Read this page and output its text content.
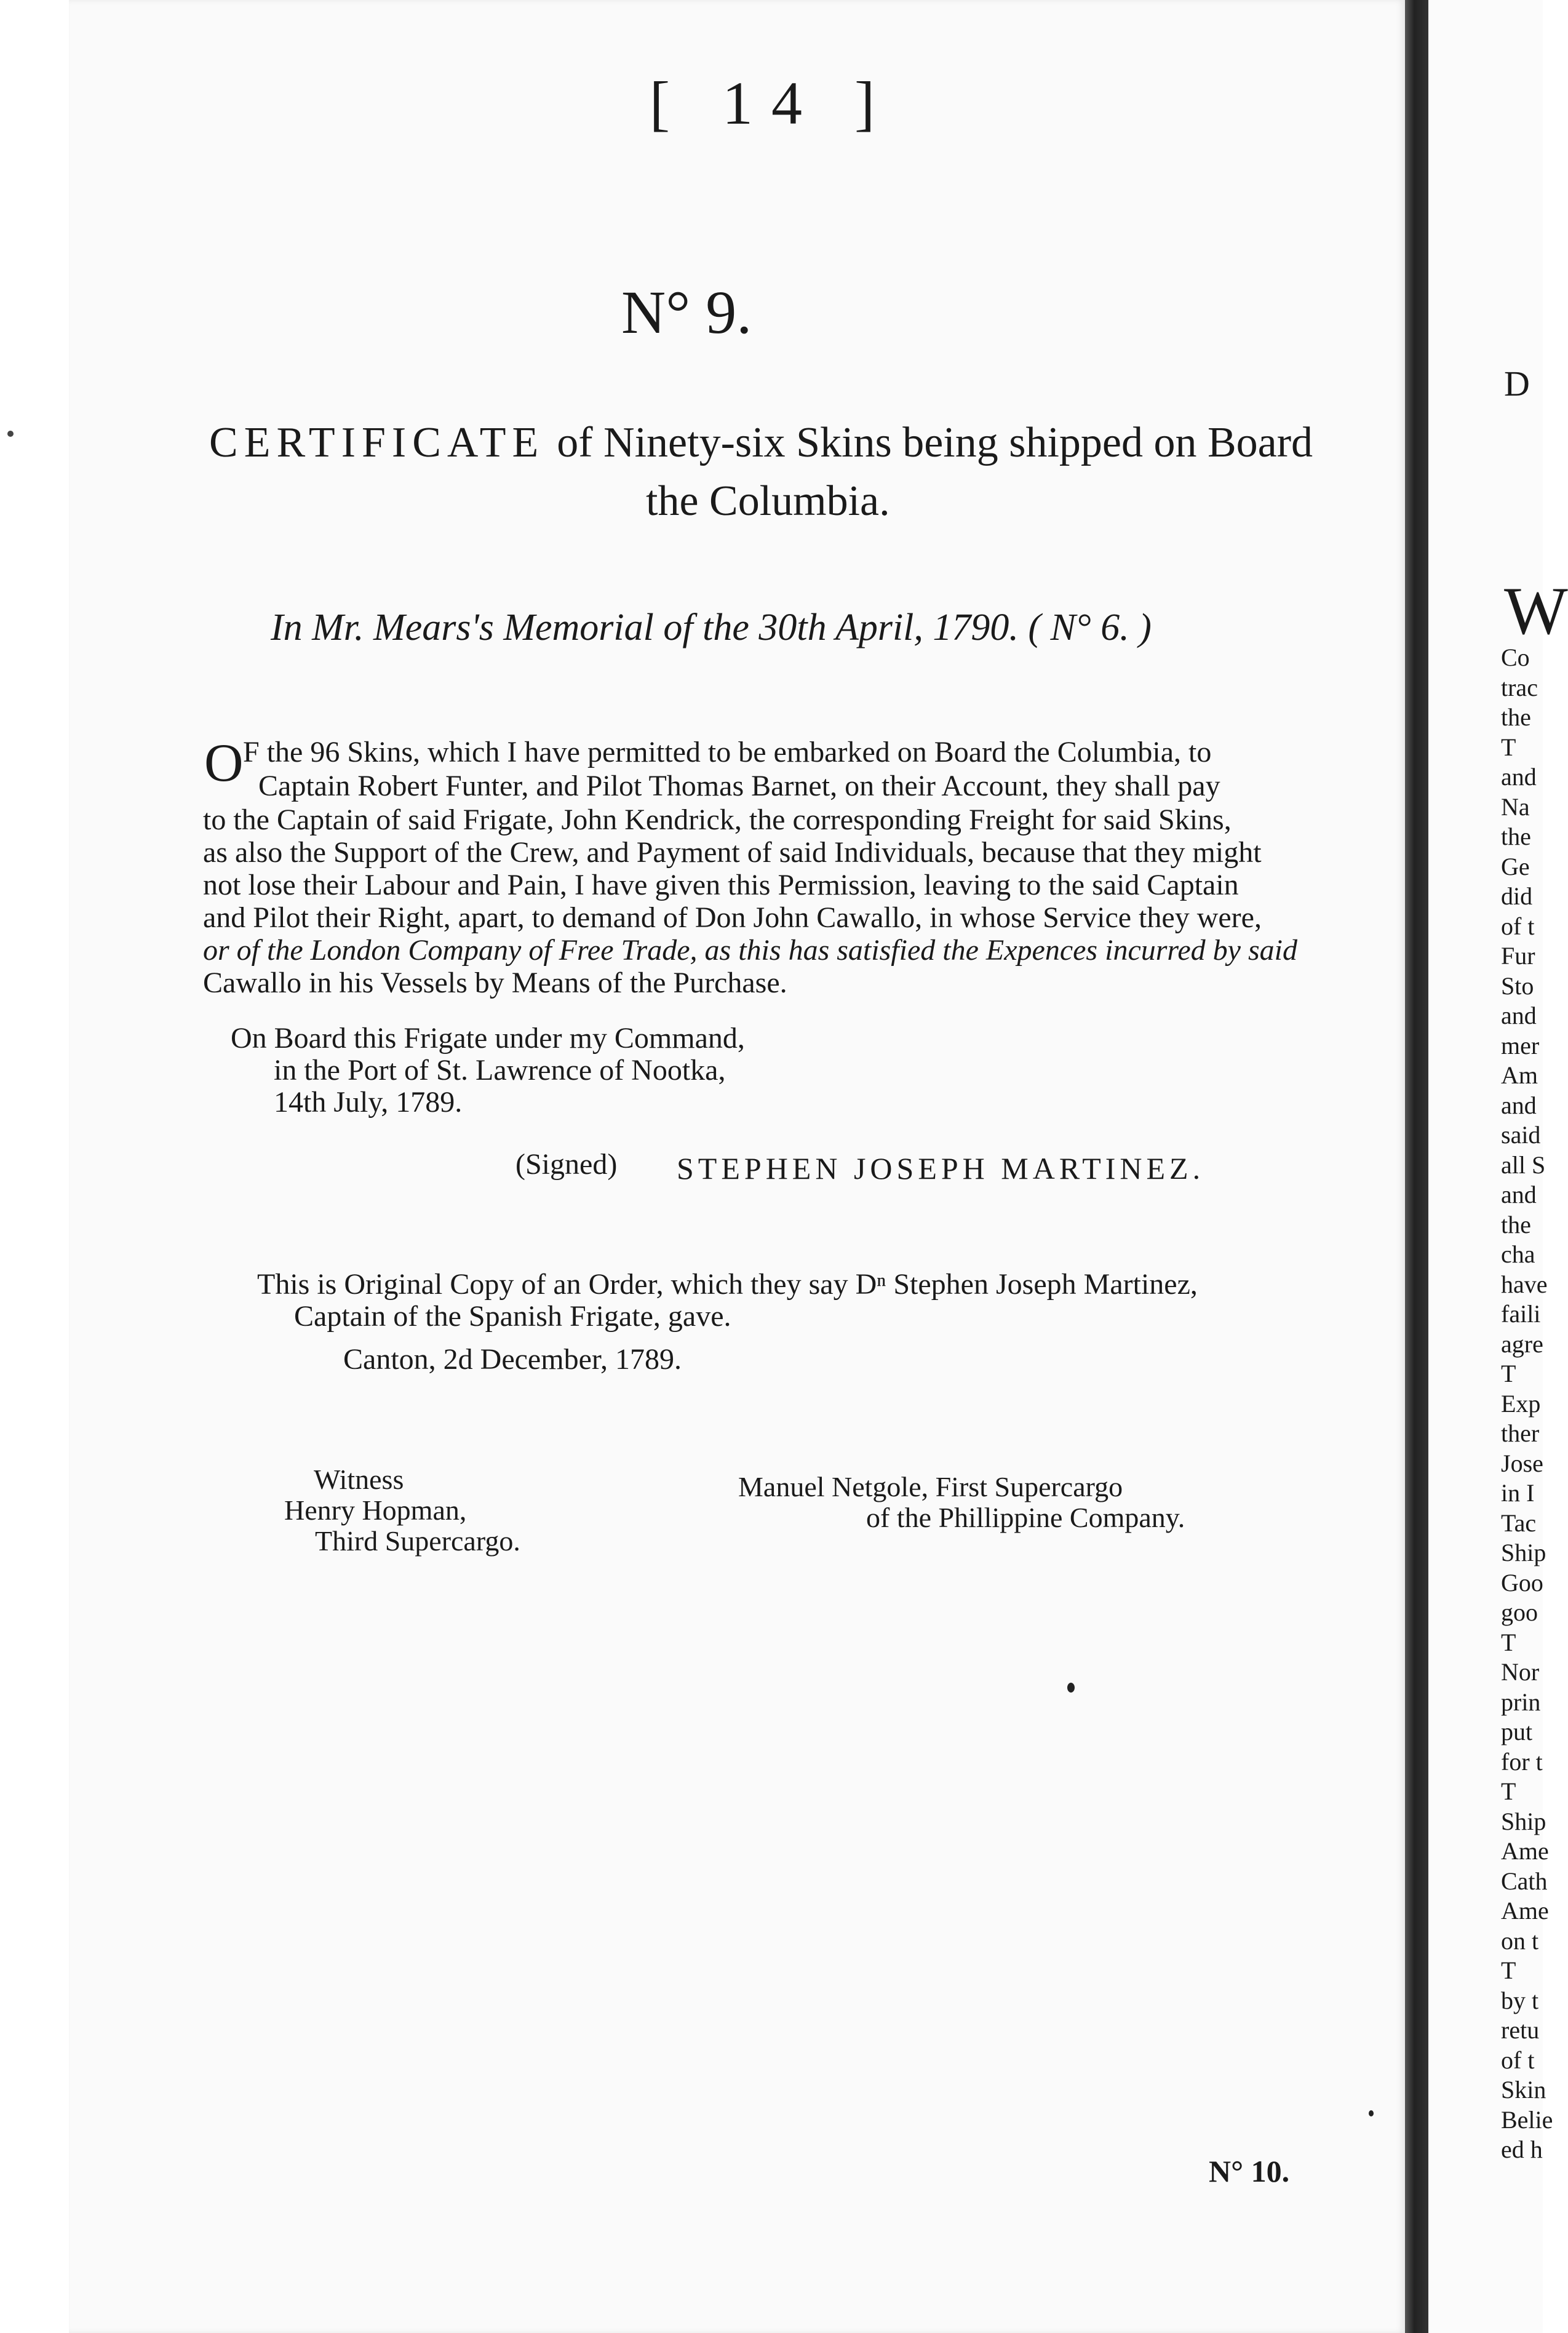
[ 14 ]
N° 9.
CERTIFICATE of Ninety-six Skins being shipped on Board
the Columbia.
In Mr. Mears's Memorial of the 30th April, 1790. ( N° 6. )
O F the 96 Skins, which I have permitted to be embarked on Board the Columbia, to
Captain Robert Funter, and Pilot Thomas Barnet, on their Account, they shall pay
to the Captain of said Frigate, John Kendrick, the corresponding Freight for said Skins,
as also the Support of the Crew, and Payment of said Individuals, because that they might
not lose their Labour and Pain, I have given this Permission, leaving to the said Captain
and Pilot their Right, apart, to demand of Don John Cawallo, in whose Service they were,
or of the London Company of Free Trade, as this has satisfied the Expences incurred by said
Cawallo in his Vessels by Means of the Purchase.
On Board this Frigate under my Command,
in the Port of St. Lawrence of Nootka,
14th July, 1789.
(Signed) STEPHEN JOSEPH MARTINEZ.
This is Original Copy of an Order, which they say Dⁿ Stephen Joseph Martinez,
Captain of the Spanish Frigate, gave.
Canton, 2d December, 1789.
Witness
Henry Hopman,
Third Supercargo.
Manuel Netgole, First Supercargo
of the Phillippine Company.
N° 10.
D
W
Co
trac
the
T
and
Na
the
Ge
did
of t
Fur
Sto
and
mer
Am
and
said
all S
and
the
cha
have
faili
agre
T
Exp
ther
Jose
in I
Tac
Ship
Goo
goo
T
Nor
prin
put
for t
T
Ship
Ame
Cath
Ame
on t
T
by t
retu
of t
Skin
Belie
ed h
